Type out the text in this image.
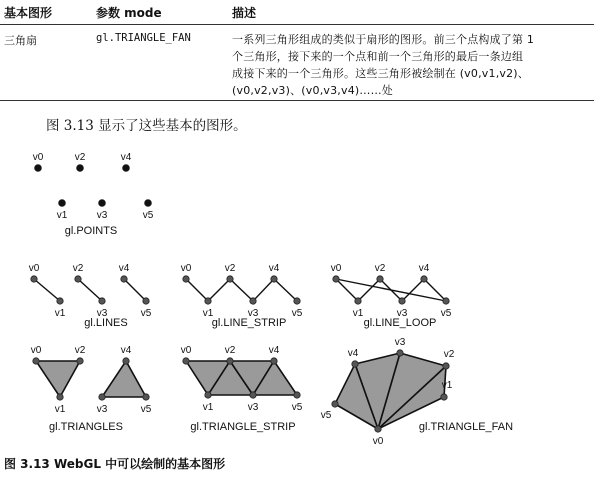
基本图形	参数 mode	描述
三角扇	gl.TRIANGLE_FAN	一系列三角形组成的类似于扇形的图形。前三个点构成了第 1
个三角形，接下来的一个点和前一个三角形的最后一条边组
成接下来的一个三角形。这些三角形被绘制在 (v0,v1,v2)、
(v0,v2,v3)、(v0,v3,v4)……处
图 3.13 显示了这些基本的图形。
v0
v1
v2
v3
v4
v5
gl.POINTS
v0
v1
v2
v3
v4
v5
gl.LINES
v0
v1
v2
v3
v4
v5
gl.LINE_STRIP
v0
v1
v2
v3
v4
v5
gl.LINE_LOOP
v0
v1
v2
v3
v4
v5
gl.TRIANGLES
v0
v1
v2
v3
v4
v5
gl.TRIANGLE_STRIP
v0
v1
v2
v3
v4
v5
gl.TRIANGLE_FAN
图 3.13 WebGL 中可以绘制的基本图形
